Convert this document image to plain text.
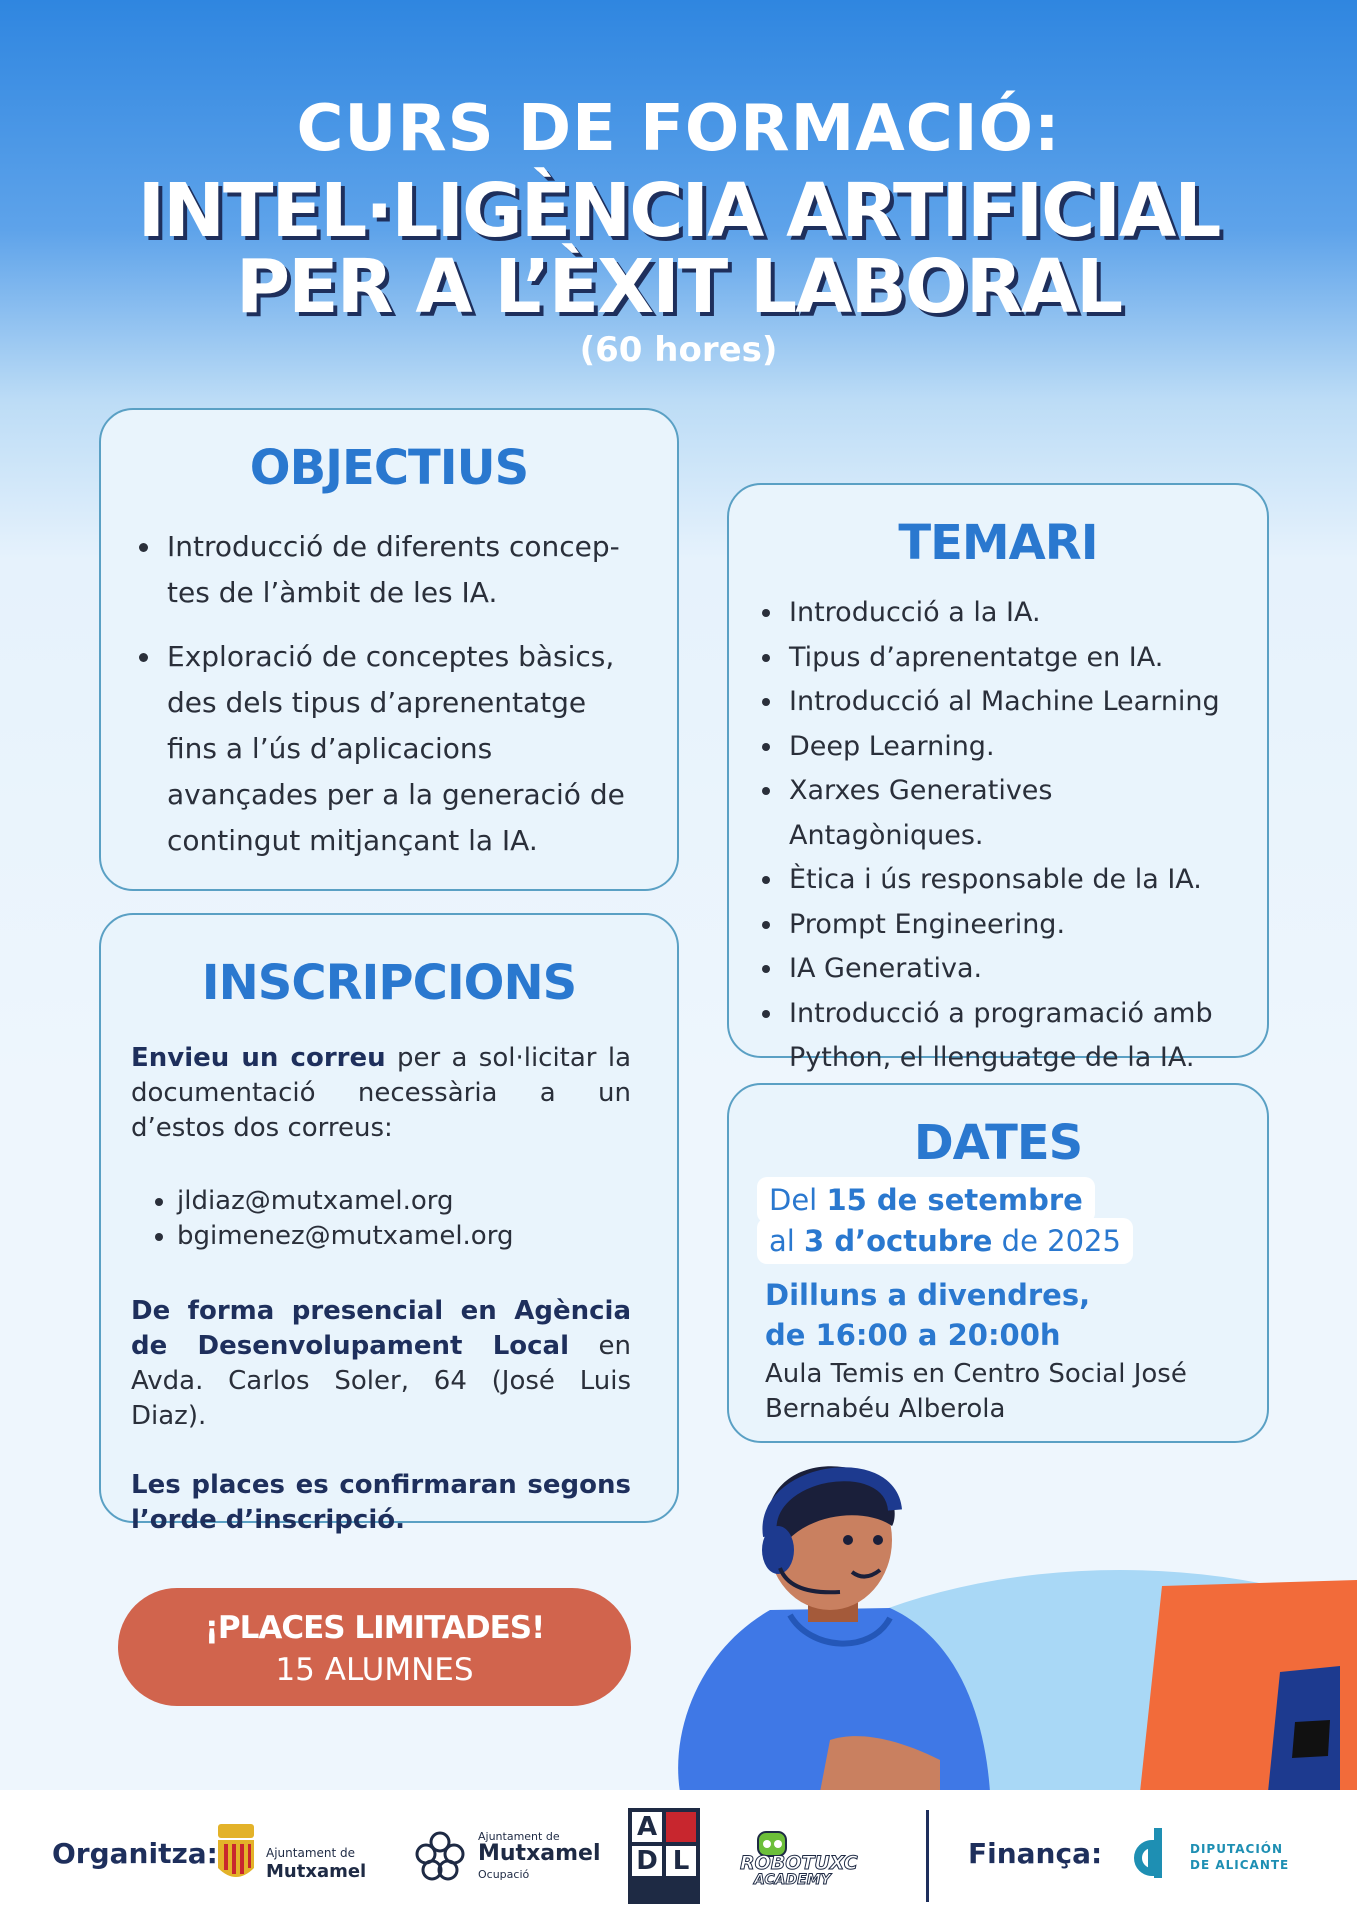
CURS DE FORMACIÓ:
INTEL·LIGÈNCIA ARTIFICIAL
PER A L’ÈXIT LABORAL
(60 hores)
OBJECTIUS
• Introducció de diferents concep-tes de l’àmbit de les IA.
• Exploració de conceptes bàsics, des dels tipus d’aprenentatge fins a l’ús d’aplicacions avançades per a la generació de contingut mitjançant la IA.
TEMARI
• Introducció a la IA.
• Tipus d’aprenentatge en IA.
• Introducció al Machine Learning
• Deep Learning.
• Xarxes Generatives Antagòniques.
• Ètica i ús responsable de la IA.
• Prompt Engineering.
• IA Generativa.
• Introducció a programació amb Python, el llenguatge de la IA.
INSCRIPCIONS

Envieu un correu per a sol·licitar la documentació necessària a un d’estos dos correus:

• jldiaz@mutxamel.org
• bgimenez@mutxamel.org

De forma presencial en Agència de Desenvolupament Local en Avda. Carlos Soler, 64 (José Luis Diaz).

Les places es confirmaran segons l’orde d’inscripció.

DATES
Del 15 de setembre
al 3 d’octubre de 2025
Dilluns a divendres,
de 16:00 a 20:00h
Aula Temis en Centro Social José Bernabéu Alberola
¡PLACES LIMITADES!
15 ALUMNES
Organitza:	Ajuntament de
Mutxamel
Ajuntament de
Mutxamel
Ocupació
A
D L	ROBOTUXC
ACADEMY
Finança:	DIPUTACIÓN
DE ALICANTE
